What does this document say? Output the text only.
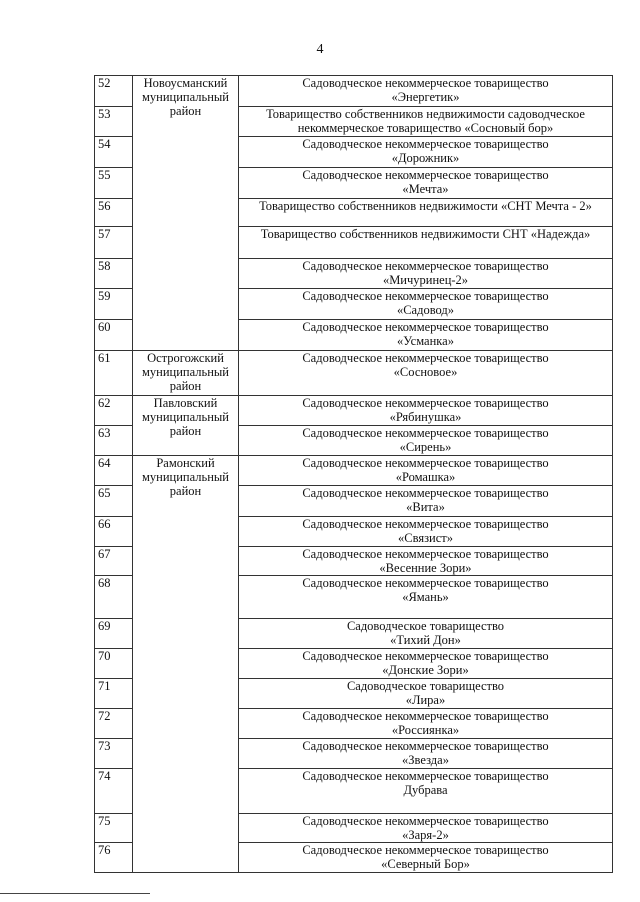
4
52	Новоусманский муниципальный район	Садоводческое некоммерческое товарищество
«Энергетик»

53		Товарищество собственников недвижимости садоводческое
некоммерческое товарищество «Сосновый бор»

54		Садоводческое некоммерческое товарищество
«Дорожник»

55		Садоводческое некоммерческое товарищество
«Мечта»

56		Товарищество собственников недвижимости «СНТ Мечта - 2»

57		Товарищество собственников недвижимости СНТ «Надежда»

58		Садоводческое некоммерческое товарищество
«Мичуринец-2»

59		Садоводческое некоммерческое товарищество
«Садовод»

60		Садоводческое некоммерческое товарищество
«Усманка»

61	Острогожский муниципальный район	Садоводческое некоммерческое товарищество
«Сосновое»

62	Павловский муниципальный район	Садоводческое некоммерческое товарищество
«Рябинушка»

63		Садоводческое некоммерческое товарищество
«Сирень»

64	Рамонский муниципальный район	Садоводческое некоммерческое товарищество
«Ромашка»

65		Садоводческое некоммерческое товарищество
«Вита»

66		Садоводческое некоммерческое товарищество
«Связист»

67		Садоводческое некоммерческое товарищество
«Весенние Зори»

68		Садоводческое некоммерческое товарищество
«Ямань»

69		Садоводческое товарищество
«Тихий Дон»

70		Садоводческое некоммерческое товарищество
«Донские Зори»

71		Садоводческое товарищество
«Лира»

72		Садоводческое некоммерческое товарищество
«Россиянка»

73		Садоводческое некоммерческое товарищество
«Звезда»

74		Садоводческое некоммерческое товарищество
Дубрава

75		Садоводческое некоммерческое товарищество
«Заря-2»

76		Садоводческое некоммерческое товарищество
«Северный Бор»
